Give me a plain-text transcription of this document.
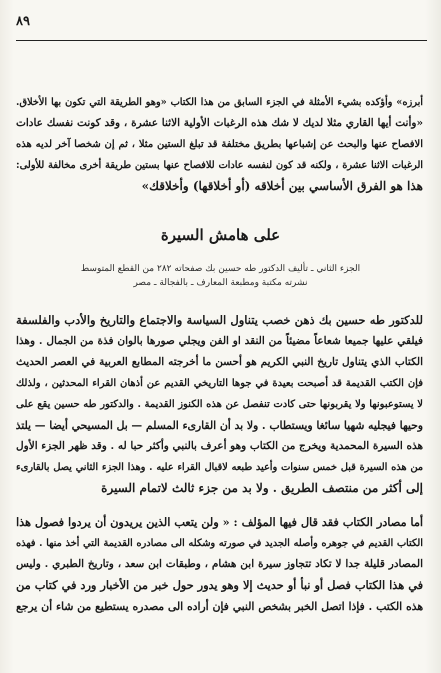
٨٩
أبرزه» وأؤكده بشيء الأمثلة في الجزء السابق من هذا الكتاب «وهو الطريقة التي تكون بها الأخلاق.
«وأنت أيها القاري مثلا لديك لا شك هذه الرغبات الأولية الاثنا عشرة ، وقد كونت نفسك عادات
الافصاح عنها والبحث عن إشباعها بطريق مختلفة قد تبلغ الستين مثلا ، ثم إن شخصا آخر لديه هذه
الرغبات الاثنا عشرة ، ولكنه قد كون لنفسه عادات للافصاح عنها بستين طريقة أخرى مخالفة للأولى:
هذا هو الفرق الأساسي بين أخلاقه (أو أخلاقها) وأخلاقك»
على هامش السيرة
الجزء الثاني ـ تأليف الدكتور طه حسين بك صفحاته ٢٨٢ من القطع المتوسط
نشرته مكتبة ومطبعة المعارف ـ بالفجالة ـ مصر
للدكتور طه حسين بك ذهن خصب يتناول السياسة والاجتماع والتاريخ والأدب والفلسفة
فيلقي عليها جميعا شعاعاً مضيئاً من النقد او الفن ويجلي صورها بالوان فذة من الجمال . وهذا
الكتاب الذي يتناول تاريخ النبي الكريم هو أحسن ما أخرجته المطابع العربية في العصر الحديث
فإن الكتب القديمة قد أصبحت بعيدة في جوها التاريخي القديم عن أذهان القراء المحدثين ، ولذلك
لا يستوعبونها ولا يقربونها حتى كادت تنفصل عن هذه الكنوز القديمة . والدكتور طه حسين يقع على
وحيها فيجليه شهيا سائغا ويستطاب . ولا بد أن القارىء المسلم — بل المسيحي أيضا — يلتذ
هذه السيرة المحمدية ويخرج من الكتاب وهو أعرف بالنبي وأكثر حبا له . وقد ظهر الجزء الأول
من هذه السيرة قبل خمس سنوات وأعيد طبعه لاقبال القراء عليه . وهذا الجزء الثاني يصل بالقارىء
إلى أكثر من منتصف الطريق . ولا بد من جزء ثالث لاتمام السيرة
أما مصادر الكتاب فقد قال فيها المؤلف : « ولن يتعب الذين يريدون أن يردوا فصول هذا
الكتاب القديم في جوهره وأصله الجديد في صورته وشكله الى مصادره القديمة التي أخذ منها . فهذه
المصادر قليلة جدا لا تكاد تتجاوز سيرة ابن هشام ، وطبقات ابن سعد ، وتاريخ الطبري . وليس
في هذا الكتاب فصل أو نبأ أو حديث إلا وهو يدور حول خبر من الأخبار ورد في كتاب من
هذه الكتب . فإذا اتصل الخبر بشخص النبي فإن أراده الى مصدره يستطيع من شاء أن يرجع
